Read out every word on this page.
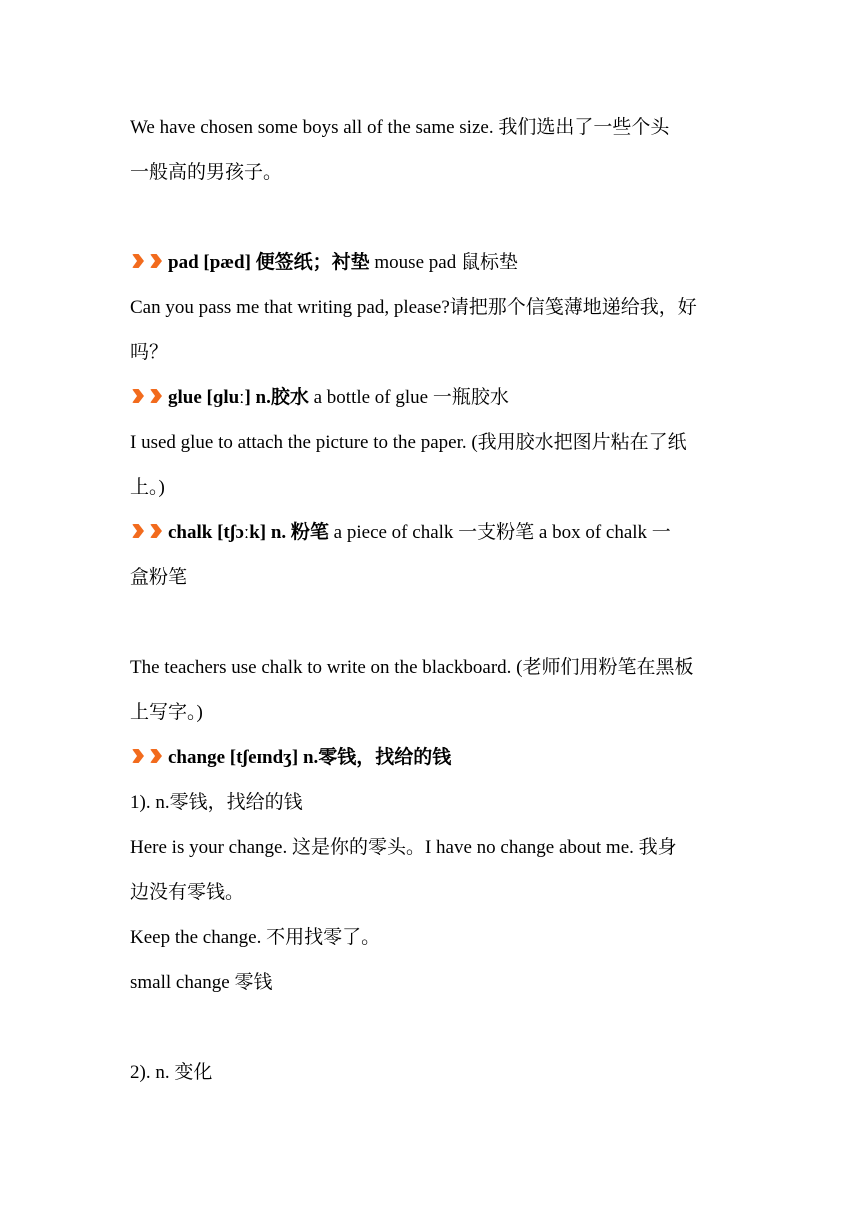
We have chosen some boys all of the same size. 我们选出了一些个头
一般高的男孩子。
pad [pæd] 便签纸；衬垫 mouse pad 鼠标垫
Can you pass me that writing pad, please?请把那个信笺薄地递给我，好
吗？
glue [ɡluː] n.胶水 a bottle of glue 一瓶胶水
I used glue to attach the picture to the paper. (我用胶水把图片粘在了纸
上。)
chalk [tʃɔːk] n. 粉笔 a piece of chalk 一支粉笔 a box of chalk 一
盒粉笔
The teachers use chalk to write on the blackboard. (老师们用粉笔在黑板
上写字。)
change [tʃeɪndʒ] n.零钱，找给的钱
1). n.零钱，找给的钱
Here is your change. 这是你的零头。I have no change about me. 我身
边没有零钱。
Keep the change. 不用找零了。
small change 零钱
2). n. 变化
